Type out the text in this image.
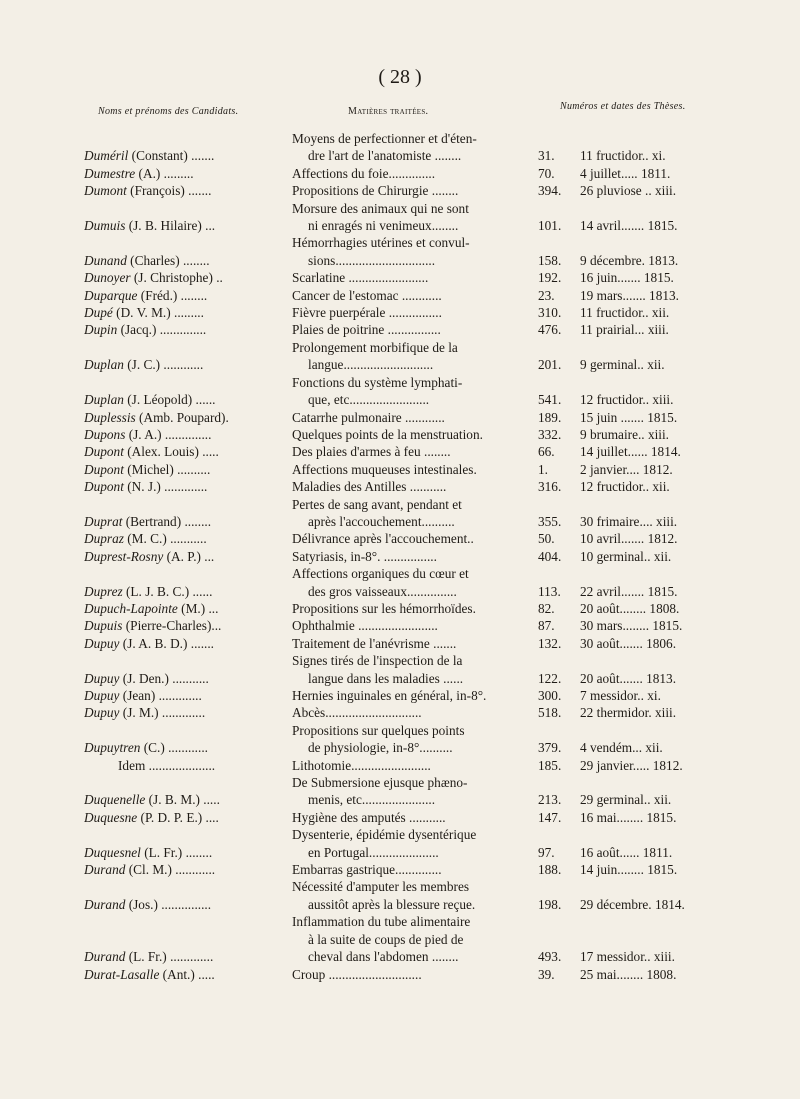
( 28 )
Noms et prénoms des Candidats.	Matières traitées.	Numéros et dates des Thèses.
Duméril (Constant) .......	Moyens de perfectionner et d'éten-
dre l'art de l'anatomiste ........	31.	11 fructidor.. xi.
Dumestre (A.) .........	Affections du foie..............	70.	4 juillet..... 1811.
Dumont (François) .......	Propositions de Chirurgie ........	394.	26 pluviose .. xiii.
Dumuis (J. B. Hilaire) ...	Morsure des animaux qui ne sont
ni enragés ni venimeux........	101.	14 avril....... 1815.
Dunand (Charles) ........	Hémorrhagies utérines et convul-
sions..............................	158.	9 décembre. 1813.
Dunoyer (J. Christophe) ..	Scarlatine ........................	192.	16 juin....... 1815.
Duparque (Fréd.) ........	Cancer de l'estomac ............	23.	19 mars....... 1813.
Dupé (D. V. M.) .........	Fièvre puerpérale ................	310.	11 fructidor.. xii.
Dupin (Jacq.) ..............	Plaies de poitrine ................	476.	11 prairial... xiii.
Duplan (J. C.) ............	Prolongement morbifique de la
langue...........................	201.	9 germinal.. xii.
Duplan (J. Léopold) ......	Fonctions du système lymphati-
que, etc........................	541.	12 fructidor.. xiii.
Duplessis (Amb. Poupard).	Catarrhe pulmonaire ............	189.	15 juin ....... 1815.
Dupons (J. A.) ..............	Quelques points de la menstruation.	332.	9 brumaire.. xiii.
Dupont (Alex. Louis) .....	Des plaies d'armes à feu ........	66.	14 juillet...... 1814.
Dupont (Michel) ..........	Affections muqueuses intestinales.	1.	2 janvier.... 1812.
Dupont (N. J.) .............	Maladies des Antilles ...........	316.	12 fructidor.. xii.
Duprat (Bertrand) ........	Pertes de sang avant, pendant et
après l'accouchement..........	355.	30 frimaire.... xiii.
Dupraz (M. C.) ...........	Délivrance après l'accouchement..	50.	10 avril....... 1812.
Duprest-Rosny (A. P.) ...	Satyriasis, in-8°. ................	404.	10 germinal.. xii.
Duprez (L. J. B. C.) ......	Affections organiques du cœur et
des gros vaisseaux...............	113.	22 avril....... 1815.
Dupuch-Lapointe (M.) ...	Propositions sur les hémorrhoïdes.	82.	20 août........ 1808.
Dupuis (Pierre-Charles)...	Ophthalmie ........................	87.	30 mars........ 1815.
Dupuy (J. A. B. D.) .......	Traitement de l'anévrisme .......	132.	30 août....... 1806.
Dupuy (J. Den.) ...........	Signes tirés de l'inspection de la
langue dans les maladies ......	122.	20 août....... 1813.
Dupuy (Jean) .............	Hernies inguinales en général, in-8°.	300.	7 messidor.. xi.
Dupuy (J. M.) .............	Abcès.............................	518.	22 thermidor. xiii.
Dupuytren (C.) ............	Propositions sur quelques points
de physiologie, in-8°..........	379.	4 vendém... xii.
Idem ....................	Lithotomie........................	185.	29 janvier..... 1812.
Duquenelle (J. B. M.) .....	De Submersione ejusque phæno-
menis, etc......................	213.	29 germinal.. xii.
Duquesne (P. D. P. E.) ....	Hygiène des amputés ...........	147.	16 mai........ 1815.
Duquesnel (L. Fr.) ........	Dysenterie, épidémie dysentérique
en Portugal.....................	97.	16 août...... 1811.
Durand (Cl. M.) ............	Embarras gastrique..............	188.	14 juin........ 1815.
Durand (Jos.) ...............	Nécessité d'amputer les membres
aussitôt après la blessure reçue.	198.	29 décembre. 1814.
Durand (L. Fr.) .............	Inflammation du tube alimentaire
à la suite de coups de pied de
cheval dans l'abdomen ........	493.	17 messidor.. xiii.
Durat-Lasalle (Ant.) .....	Croup ............................	39.	25 mai........ 1808.
